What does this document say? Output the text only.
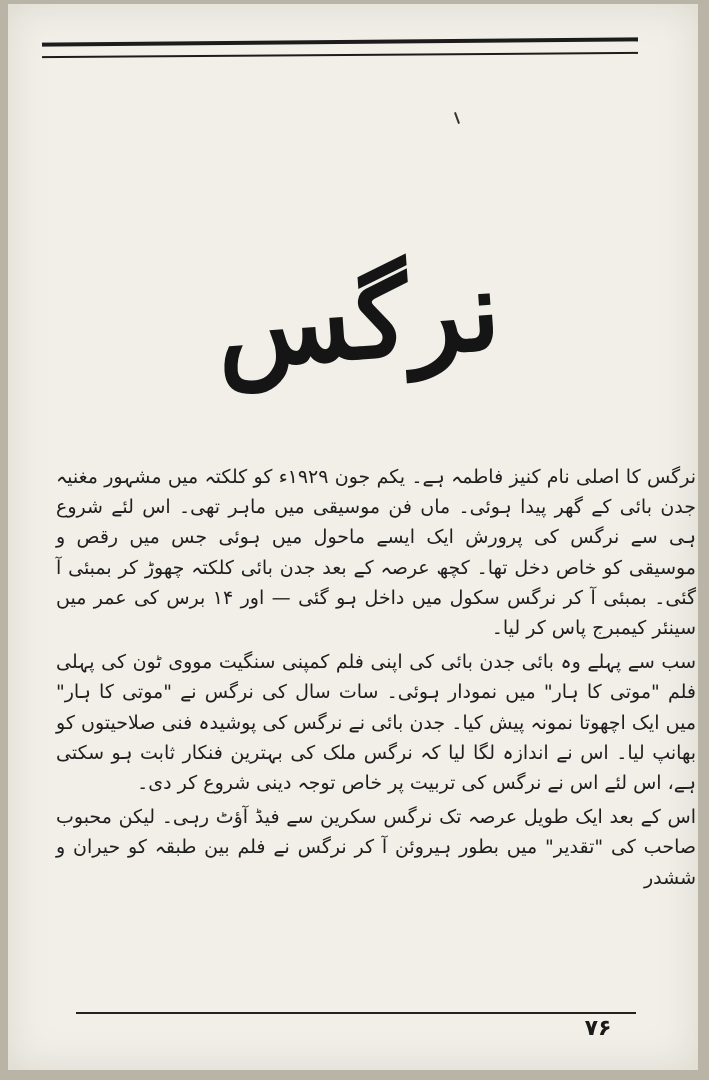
نرگس

نرگس کا اصلی نام کنیز فاطمہ ہے۔ یکم جون ۱۹۲۹ء کو کلکتہ میں مشہور مغنیہ جدن بائی کے گھر پیدا ہوئی۔ ماں فن موسیقی میں ماہر تھی۔ اس لئے شروع ہی سے نرگس کی پرورش ایک ایسے ماحول میں ہوئی جس میں رقص و موسیقی کو خاص دخل تھا۔ کچھ عرصہ کے بعد جدن بائی کلکتہ چھوڑ کر بمبئی آ گئی۔ بمبئی آ کر نرگس سکول میں داخل ہو گئی — اور ۱۴ برس کی عمر میں سینئر کیمبرج پاس کر لیا۔

سب سے پہلے وہ بائی جدن بائی کی اپنی فلم کمپنی سنگیت مووی ٹون کی پہلی فلم "موتی کا ہار" میں نمودار ہوئی۔ سات سال کی نرگس نے "موتی کا ہار" میں ایک اچھوتا نمونہ پیش کیا۔ جدن بائی نے نرگس کی پوشیدہ فنی صلاحیتوں کو بھانپ لیا۔ اس نے اندازہ لگا لیا کہ نرگس ملک کی بہترین فنکار ثابت ہو سکتی ہے، اس لئے اس نے نرگس کی تربیت پر خاص توجہ دینی شروع کر دی۔

اس کے بعد ایک طویل عرصہ تک نرگس سکرین سے فیڈ آؤٹ رہی۔ لیکن محبوب صاحب کی "تقدیر" میں بطور ہیروئن آ کر نرگس نے فلم بین طبقہ کو حیران و ششدر

۷۶
